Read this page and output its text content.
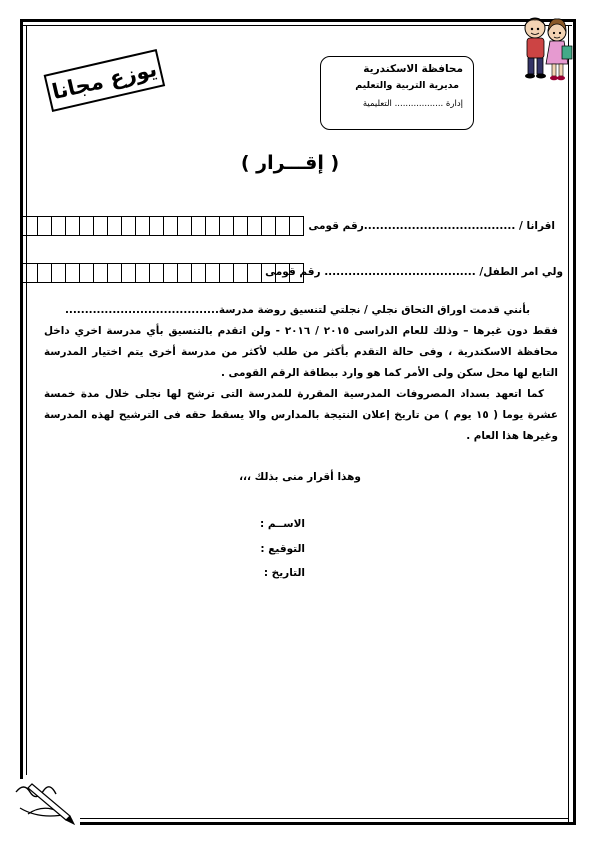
يوزع مجانا	محافظة الاسكندرية
مديرية التربية والتعليم
إدارة .................. التعليمية
( إقـــرار )
اقرانا / ......................................رقم قومى
ولي امر الطفل/ ...................................... رقم قومى

بأنني قدمت اوراق التحاق نجلي / نجلتي لتنسيق روضة مدرسة.......................................

فقط دون غيرها – وذلك للعام الدراسى ٢٠١٥ / ٢٠١٦ - ولن اتقدم بالتنسيق بأي مدرسة اخري داخل محافظة الاسكندرية ، وفى حالة التقدم بأكثر من طلب لأكثر من مدرسة أخرى يتم اختيار المدرسة التابع لها محل سكن ولى الأمر كما هو وارد ببطاقة الرقم القومى .

كما اتعهد بسداد المصروفات المدرسية المقررة للمدرسة التى ترشح لها نجلى خلال مدة خمسة عشرة يوما ( ١٥ يوم ) من تاريخ إعلان النتيجة بالمدارس والا يسقط حقه فى الترشيح لهذه المدرسة وغيرها هذا العام .

وهذا أقرار منى بذلك ،،،
الاســم :
التوقيع :
التاريخ :
